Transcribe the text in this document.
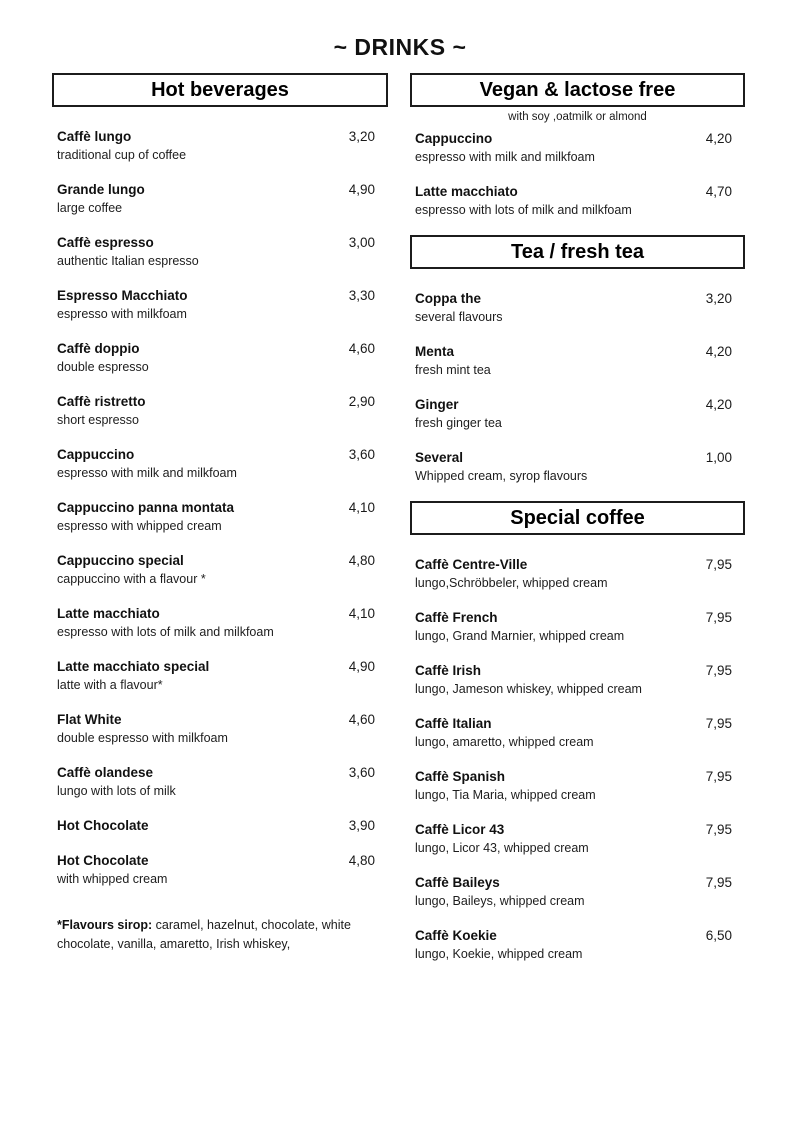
~ DRINKS ~
Hot beverages
Caffè lungo	3,20
traditional cup of coffee
Grande lungo	4,90
large coffee
Caffè espresso	3,00
authentic Italian espresso
Espresso Macchiato	3,30
espresso with milkfoam
Caffè doppio	4,60
double espresso
Caffè ristretto	2,90
short espresso
Cappuccino	3,60
espresso with milk and milkfoam
Cappuccino panna montata	4,10
espresso with whipped cream
Cappuccino special	4,80
cappuccino with a flavour *
Latte macchiato	4,10
espresso with lots of milk and milkfoam
Latte macchiato special	4,90
latte with a flavour*
Flat White	4,60
double espresso with milkfoam
Caffè olandese	3,60
lungo with lots of milk
Hot Chocolate	3,90
Hot Chocolate	4,80
with whipped cream
*Flavours sirop: caramel, hazelnut, chocolate, white chocolate, vanilla, amaretto, Irish whiskey,
Vegan & lactose free
with soy ,oatmilk or almond
Cappuccino	4,20
espresso with milk and milkfoam
Latte macchiato	4,70
espresso with lots of milk and milkfoam
Tea / fresh tea
Coppa the	3,20
several flavours
Menta	4,20
fresh mint tea
Ginger	4,20
fresh ginger tea
Several	1,00
Whipped cream, syrop flavours
Special coffee
Caffè Centre-Ville	7,95
lungo,Schröbbeler, whipped cream
Caffè French	7,95
lungo, Grand Marnier, whipped cream
Caffè Irish	7,95
lungo, Jameson whiskey, whipped cream
Caffè Italian	7,95
lungo, amaretto, whipped cream
Caffè Spanish	7,95
lungo, Tia Maria, whipped cream
Caffè Licor 43	7,95
lungo, Licor 43, whipped cream
Caffè Baileys	7,95
lungo, Baileys, whipped cream
Caffè Koekie	6,50
lungo, Koekie, whipped cream
